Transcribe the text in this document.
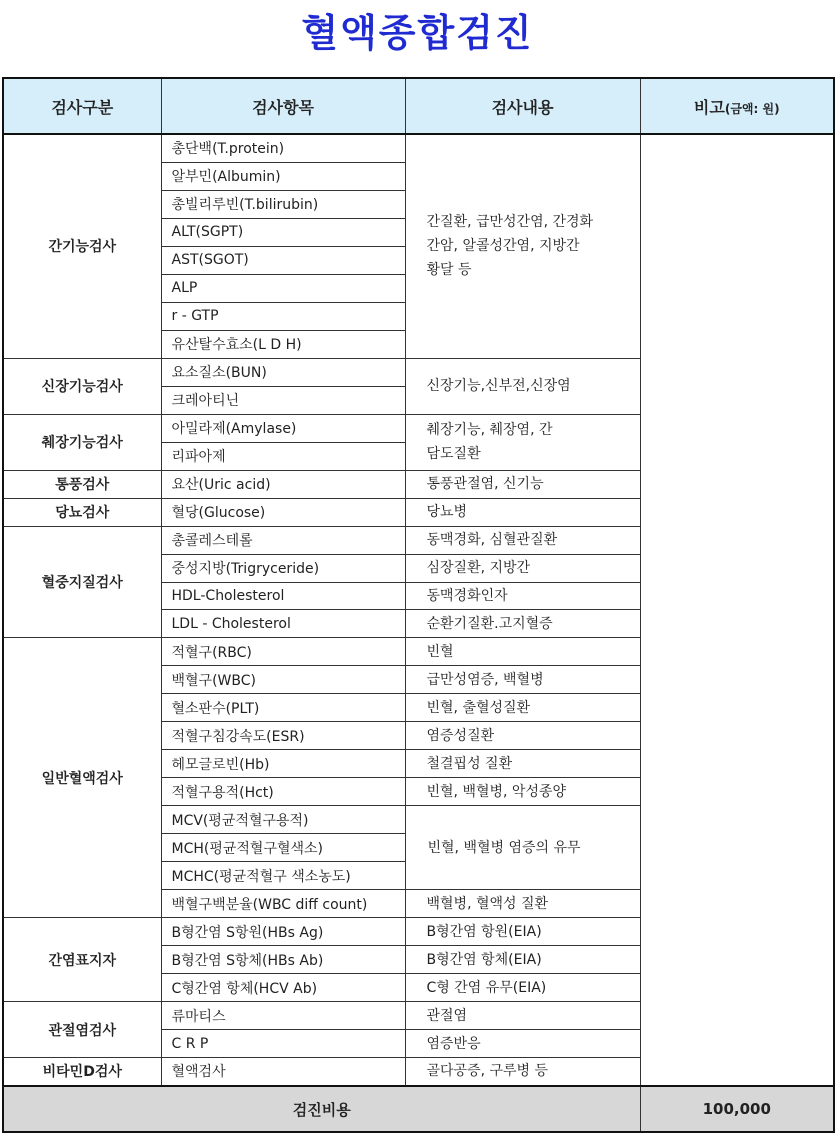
혈액종합검진
검사구분	검사항목	검사내용	비고(금액: 원)
간기능검사	총단백(T.protein)	간질환, 급만성간염, 간경화
간암, 알콜성간염, 지방간
황달 등	

	알부민(Albumin)		
	총빌리루빈(T.bilirubin)		
	ALT(SGPT)		
	AST(SGOT)		
	ALP		
	r - GTP		
	유산탈수효소(L D H)		
신장기능검사	요소질소(BUN)	신장기능,신부전,신장염	
	크레아티닌		
췌장기능검사	아밀라제(Amylase)	췌장기능, 췌장염, 간
담도질환	

	리파아제		
통풍검사	요산(Uric acid)	통풍관절염, 신기능	
당뇨검사	혈당(Glucose)	당뇨병	
혈중지질검사	총콜레스테롤	동맥경화, 심혈관질환	
	중성지방(Trigryceride)	심장질환, 지방간	
	HDL-Cholesterol	동맥경화인자	
	LDL - Cholesterol	순환기질환.고지혈증	
일반혈액검사	적혈구(RBC)	빈혈	
	백혈구(WBC)	급만성염증, 백혈병	
	혈소판수(PLT)	빈혈, 출혈성질환	
	적혈구침강속도(ESR)	염증성질환	
	헤모글로빈(Hb)	철결핍성 질환	
	적혈구용적(Hct)	빈혈, 백혈병, 악성종양	
	MCV(평균적혈구용적)	빈혈, 백혈병 염증의 유무	
	MCH(평균적혈구혈색소)		
	MCHC(평균적혈구 색소농도)		
	백혈구백분율(WBC diff count)	백혈병, 혈액성 질환	
간염표지자	B형간염 S항원(HBs Ag)	B형간염 항원(EIA)	
	B형간염 S항체(HBs Ab)	B형간염 항체(EIA)	
	C형간염 항체(HCV Ab)	C형 간염 유무(EIA)	
관절염검사	류마티스	관절염	
	C R P	염증반응	
비타민D검사	혈액검사	골다공증, 구루병 등	
검진비용			100,000
